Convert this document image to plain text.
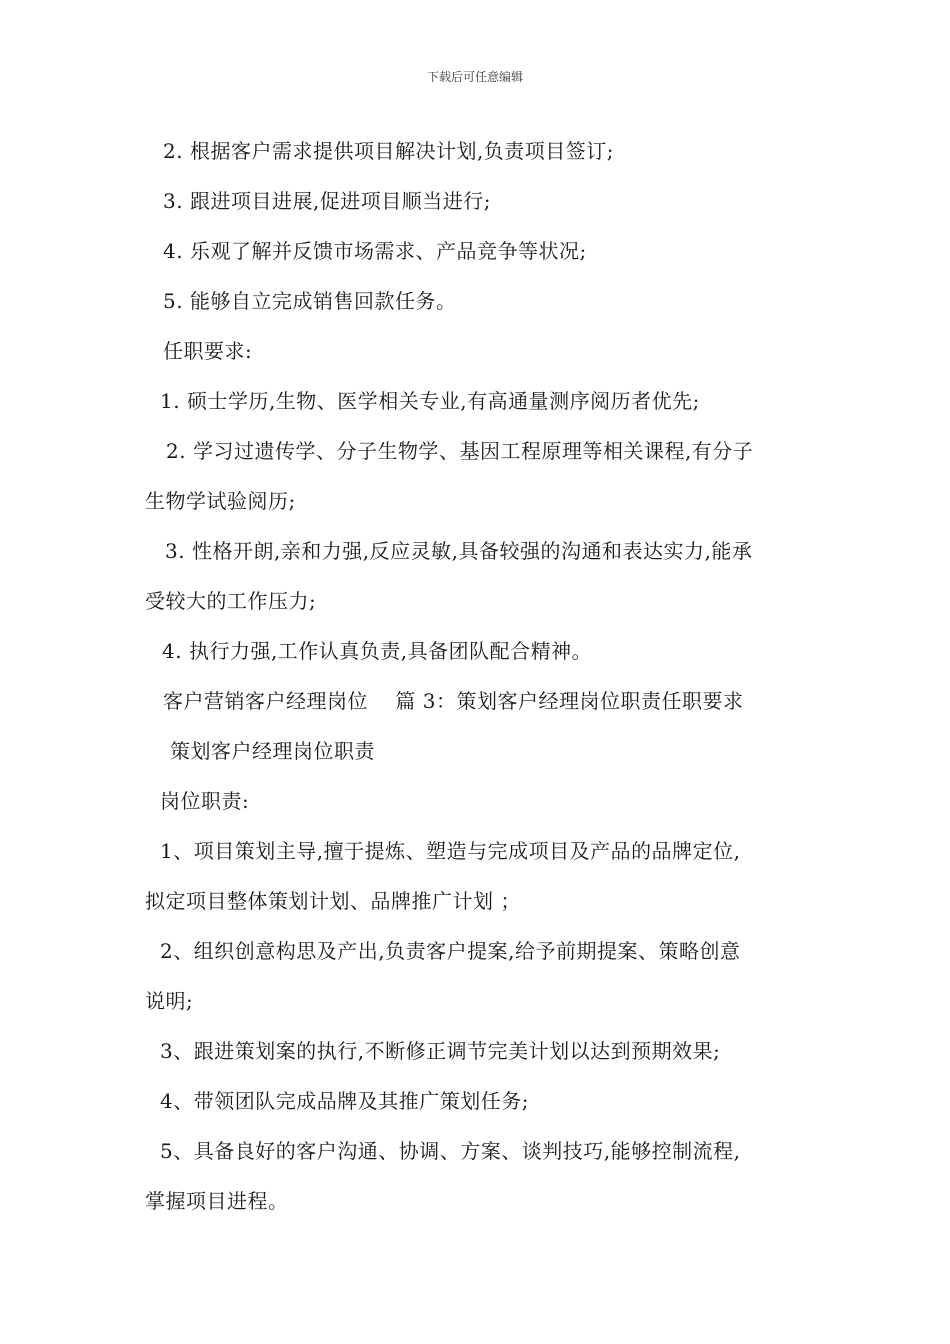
下载后可任意编辑
2. 根据客户需求提供项目解决计划,负责项目签订;
3. 跟进项目进展,促进项目顺当进行;
4. 乐观了解并反馈市场需求、产品竞争等状况;
5. 能够自立完成销售回款任务。
任职要求:
1. 硕士学历,生物、医学相关专业,有高通量测序阅历者优先;
2. 学习过遗传学、分子生物学、基因工程原理等相关课程,有分子
生物学试验阅历;
3. 性格开朗,亲和力强,反应灵敏,具备较强的沟通和表达实力,能承
受较大的工作压力;
4. 执行力强,工作认真负责,具备团队配合精神。
客户营销客户经理岗位　 篇 3：策划客户经理岗位职责任职要求
策划客户经理岗位职责
岗位职责:
1、项目策划主导,擅于提炼、塑造与完成项目及产品的品牌定位,
拟定项目整体策划计划、品牌推广计划 ；
2、组织创意构思及产出,负责客户提案,给予前期提案、策略创意
说明;
3、跟进策划案的执行,不断修正调节完美计划以达到预期效果;
4、带领团队完成品牌及其推广策划任务;
5、具备良好的客户沟通、协调、方案、谈判技巧,能够控制流程,
掌握项目进程。
